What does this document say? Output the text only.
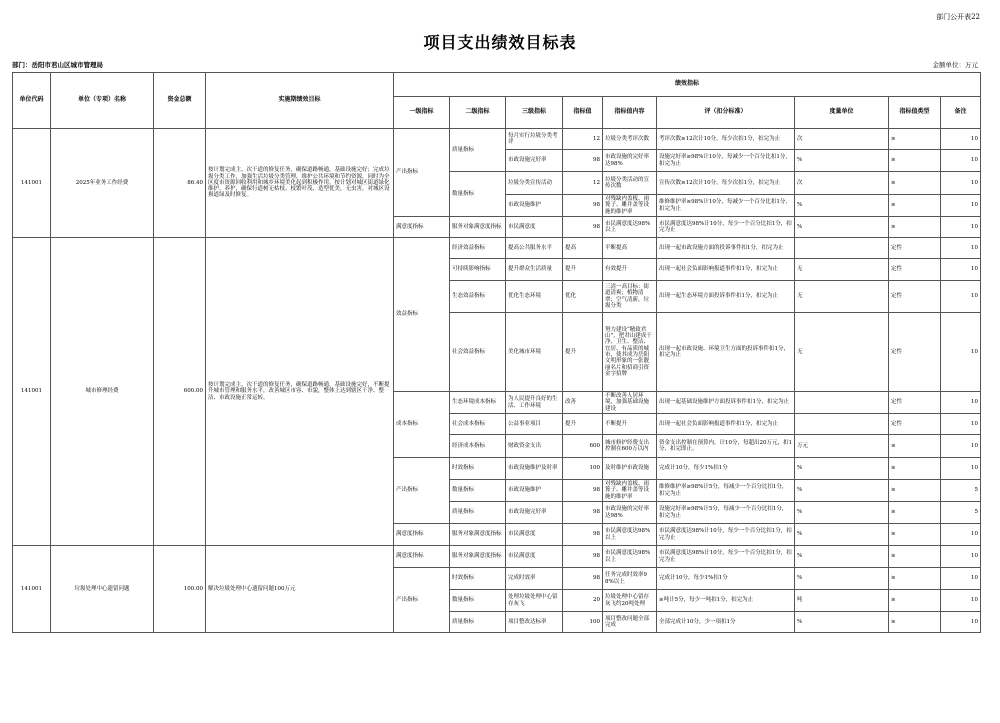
部门公开表22
项目支出绩效目标表
部门：岳阳市君山区城市管理局	金额单位：万元
单位代码	单位（专项）名称	资金总额	实施期绩效目标	绩效指标								
				一级指标	二级指标	三级指标	指标值	指标值内容	评（扣分标准）	度量单位	指标值类型	备注
141001	2025年业务工作经费	86.40	按计划完成主、次干道的修复任务，确保道路畅通，基础设施完好；完成垃圾分类工作，加强生活垃圾分类管理，维护公共环境和节约资源，同时为全区度市资源回收利用和城乡环境美化起到积极作用。按计划对城区街道绿化维护、养护，确保行道树无枯枝、枝繁叶茂、造型优美，无虫害，对城区设损道绿及时修复。	产出指标	质量指标	每月实行垃圾分类考评	12	垃圾分类考评次数	考评次数≥12次计10分，每少次扣1分，扣完为止	次	≥	10
						市政设施完好率	98	市政设施的完好率达98%	设施完好率≥98%计10分，每减少一个百分比扣1分，扣完为止	%	≥	10
					数量指标	垃圾分类宣传活动	12	垃圾分类活动的宣传次数	宣传次数≥12次计10分，每少次扣1分，扣完为止	次	≥	10
						市政设施维护	98	对残缺内盖板、雨篦子、雕井盖等设施的维护率	维修维护率≥98%计10分，每减少一个百分比扣1分，扣完为止	%	≥	10
				满意度指标	服务对象满意度指标	市民满意度	98	市民满意度达98%以上	市民满意度达98%计10分，每少一个百分比扣1分，扣完为止	%	≥	10
141001	城市修理经费	600.00	按计划完成主、次干道的修复任务，确保道路畅通，基础设施完好，不断提升城市管理和服务水平，改善城区市容、市貌，整体上达到辖区干净、整洁、市政设施正常运转。	效益指标	经济效益指标	提高公共服务水平	提高	平断提高	出现一起市政设施方面的投诉事件扣1分，扣完为止		定性	10
					可持续影响指标	提升群众生活质量	提升	有效提升	出现一起社会负面影响报道事件扣1分，扣完为止	无	定性	10
					生态效益指标	优化生态环境	优化	三清一高目标：街道清爽；植物清翠；空气清新，垃圾分类	出现一起生态环境方面投诉事件扣1分，扣完为止	无	定性	10
					社会效益指标	美化城市环境	提升	努力建设“精致君山”，把君山建成干净、卫生、整洁、宜居、有品质的城市，使其成为岳阳文明形象的一张靓丽名片和招商引资金字招牌	出现一起市政设施、环境卫生方面的投诉事件扣1分，扣完为止	无	定性	10
				成本指标	生态环境成本指标	为人民提升良好的生活、工作环境	改善	不断改善人居环境，加强基础设施建设	出现一起基础设施维护方面投诉事件扣1分，扣完为止		定性	10
					社会成本指标	公益事业项目	提升	不断提升	出现一起社会负面影响报道事件扣1分，扣完为止		定性	10
					经济成本指标	财政资金支出	600	城市修护经费支出控制在600万以内	资金支出控制在预算内，计10分，每超出20万元，扣1分，扣完即止。	万元	≤	10
				产出指标	时效指标	市政设施维护及时率	100	及时维护市政设施	完成计10分，每少1%扣1分	%	≥	10
					数量指标	市政设施维护	98	对残缺内盖板、雨篦子、雕井盖等设施的维护率	维修维护率≥98%计5分，每减少一个百分比扣1分，扣完为止	%	≥	5
					质量指标	市政设施完好率	98	市政设施的完好率达98%	设施完好率≥98%计5分，每减少一个百分比扣1分，扣完为止	%	≥	5
				满意度指标	服务对象满意度指标	市民满意度	98	市民满意度达98%以上	市民满意度达98%计10分，每少一个百分比扣1分，扣完为止	%	≥	10
141001	垃圾处理中心遗留问题	100.00	解决垃圾处理中心遗留问题100万元	满意度指标	服务对象满意度指标	市民满意度	98	市民满意度达98%以上	市民满意度达98%计10分，每少一个百分比扣1分，扣完为止	%	≥	10
				产出指标	时效指标	完成时效率	98	任务完成时效率98%以上	完成计10分，每少1%扣1分	%	≥	10
					数量指标	处理垃圾处理中心留存灰飞	20	垃圾处理中心留存灰飞约20吨处理	≥吨计5分，每少一吨扣1分，扣完为止	吨	≥	10
					质量指标	项目整改达标率	100	项目整改问题全部完成	全部完成计10分，少一项扣1分	%	≥	10
